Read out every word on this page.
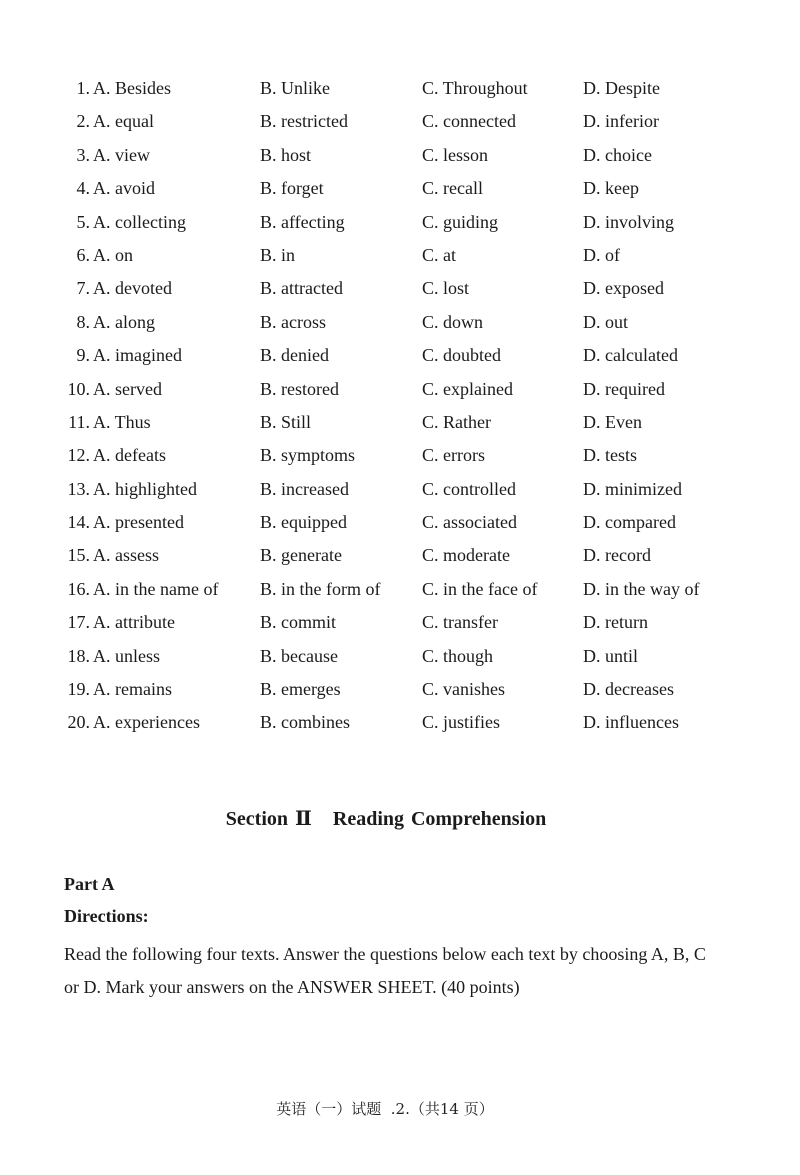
1. A. Besides	B. Unlike	C. Throughout	D. Despite
2. A. equal	B. restricted	C. connected	D. inferior
3. A. view	B. host	C. lesson	D. choice
4. A. avoid	B. forget	C. recall	D. keep
5. A. collecting	B. affecting	C. guiding	D. involving
6. A. on	B. in	C. at	D. of
7. A. devoted	B. attracted	C. lost	D. exposed
8. A. along	B. across	C. down	D. out
9. A. imagined	B. denied	C. doubted	D. calculated
10. A. served	B. restored	C. explained	D. required
11. A. Thus	B. Still	C. Rather	D. Even
12. A. defeats	B. symptoms	C. errors	D. tests
13. A. highlighted	B. increased	C. controlled	D. minimized
14. A. presented	B. equipped	C. associated	D. compared
15. A. assess	B. generate	C. moderate	D. record
16. A. in the name of B. in the form of C. in the face of	D. in the way of
17. A. attribute	B. commit	C. transfer	D. return
18. A. unless	B. because	C. though	D. until
19. A. remains	B. emerges	C. vanishes	D. decreases
20. A. experiences	B. combines	C. justifies	D. influences
Section Ⅱ   Reading Comprehension
Part A
Directions:
Read the following four texts. Answer the questions below each text by choosing A, B, C or D. Mark your answers on the ANSWER SHEET. (40 points)
英语（一）试题  .2.（共14 页）
